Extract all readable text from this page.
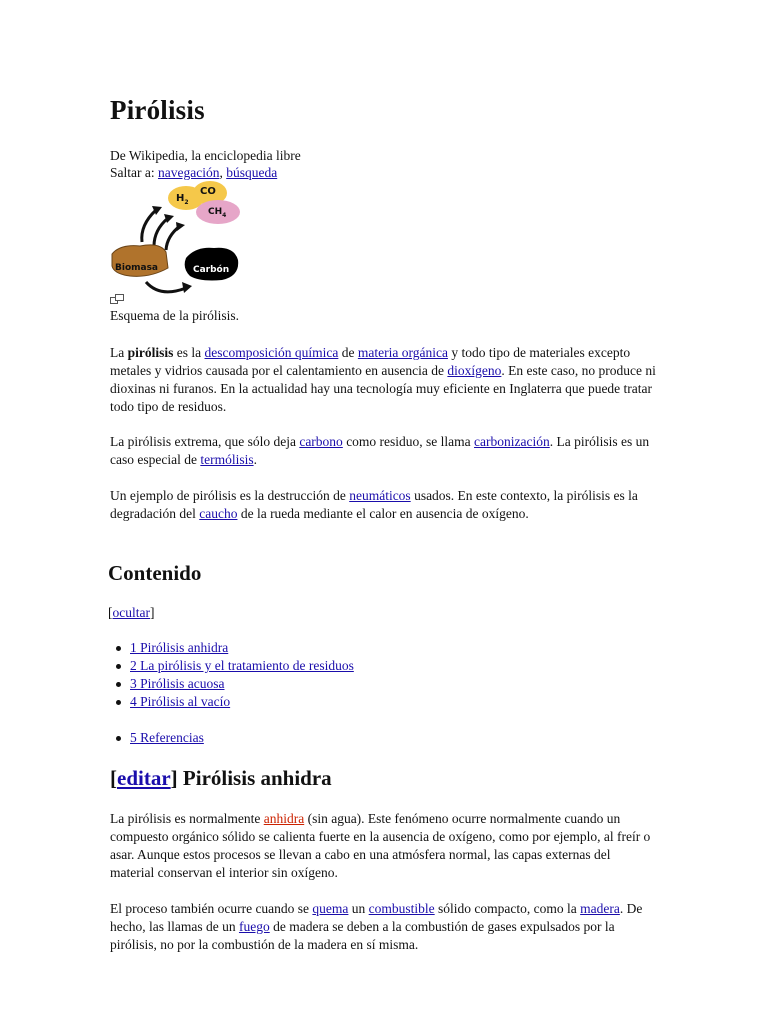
Pirólisis
De Wikipedia, la enciclopedia libre
Saltar a: navegación, búsqueda
$H_2$
CO
$CH_4$
Biomasa	Carbón
Esquema de la pirólisis.

La pirólisis es la descomposición química de materia orgánica y todo tipo de materiales excepto metales y vidrios causada por el calentamiento en ausencia de dioxígeno. En este caso, no produce ni dioxinas ni furanos. En la actualidad hay una tecnología muy eficiente en Inglaterra que puede tratar todo tipo de residuos.

La pirólisis extrema, que sólo deja carbono como residuo, se llama carbonización. La pirólisis es un caso especial de termólisis.

Un ejemplo de pirólisis es la destrucción de neumáticos usados. En este contexto, la pirólisis es la degradación del caucho de la rueda mediante el calor en ausencia de oxígeno.

Contenido
[ocultar]
1 Pirólisis anhidra
2 La pirólisis y el tratamiento de residuos
3 Pirólisis acuosa
4 Pirólisis al vacío
5 Referencias
[editar] Pirólisis anhidra

La pirólisis es normalmente anhidra (sin agua). Este fenómeno ocurre normalmente cuando un compuesto orgánico sólido se calienta fuerte en la ausencia de oxígeno, como por ejemplo, al freír o asar. Aunque estos procesos se llevan a cabo en una atmósfera normal, las capas externas del material conservan el interior sin oxígeno.

El proceso también ocurre cuando se quema un combustible sólido compacto, como la madera. De hecho, las llamas de un fuego de madera se deben a la combustión de gases expulsados por la pirólisis, no por la combustión de la madera en sí misma.
